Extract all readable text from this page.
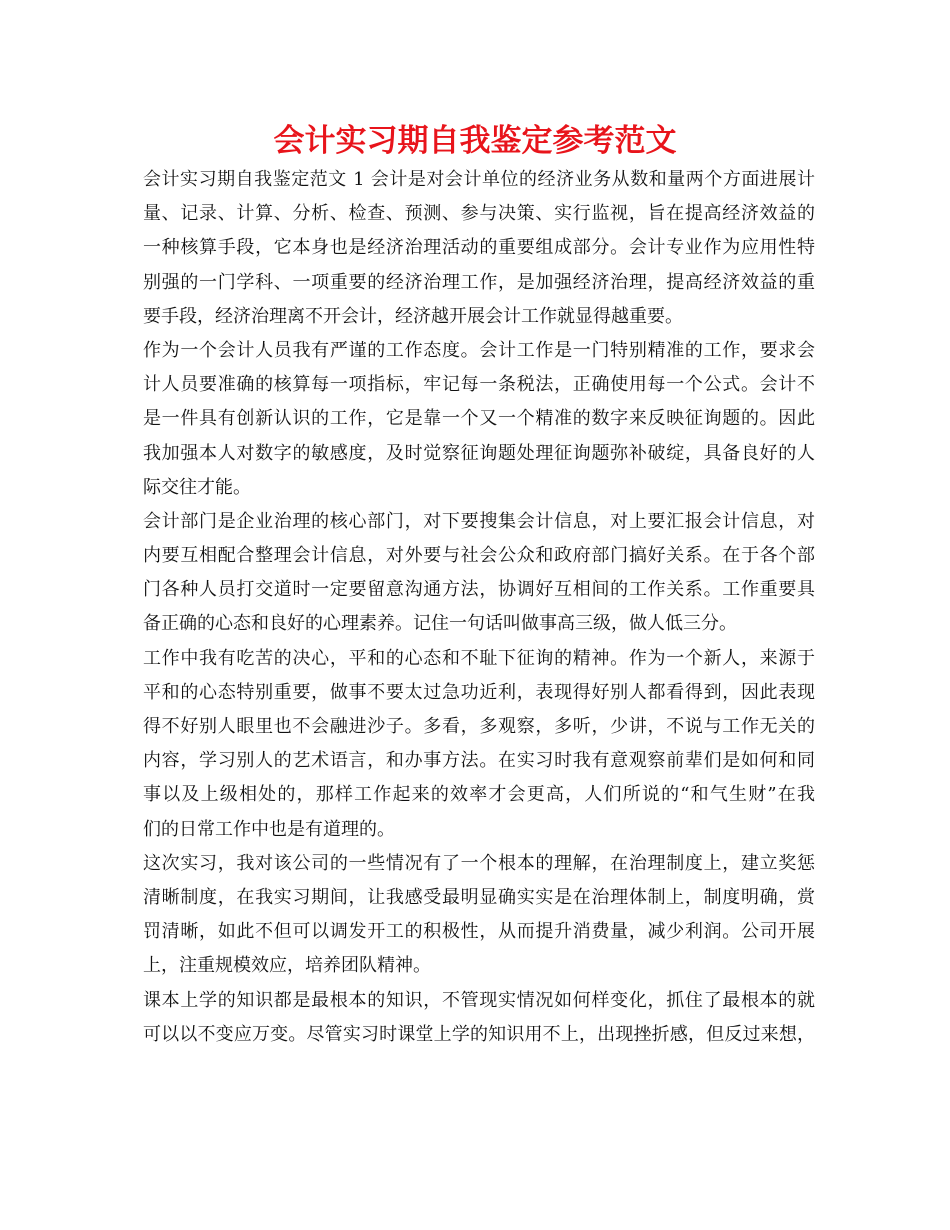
会计实习期自我鉴定参考范文
会计实习期自我鉴定范文 1 会计是对会计单位的经济业务从数和量两个方面进展计
量、记录、计算、分析、检查、预测、参与决策、实行监视，旨在提高经济效益的
一种核算手段，它本身也是经济治理活动的重要组成部分。会计专业作为应用性特
别强的一门学科、一项重要的经济治理工作，是加强经济治理，提高经济效益的重
要手段，经济治理离不开会计，经济越开展会计工作就显得越重要。
作为一个会计人员我有严谨的工作态度。会计工作是一门特别精准的工作，要求会
计人员要准确的核算每一项指标，牢记每一条税法，正确使用每一个公式。会计不
是一件具有创新认识的工作，它是靠一个又一个精准的数字来反映征询题的。因此
我加强本人对数字的敏感度，及时觉察征询题处理征询题弥补破绽，具备良好的人
际交往才能。
会计部门是企业治理的核心部门，对下要搜集会计信息，对上要汇报会计信息，对
内要互相配合整理会计信息，对外要与社会公众和政府部门搞好关系。在于各个部
门各种人员打交道时一定要留意沟通方法，协调好互相间的工作关系。工作重要具
备正确的心态和良好的心理素养。记住一句话叫做事高三级，做人低三分。
工作中我有吃苦的决心，平和的心态和不耻下征询的精神。作为一个新人，来源于
平和的心态特别重要，做事不要太过急功近利，表现得好别人都看得到，因此表现
得不好别人眼里也不会融进沙子。多看，多观察，多听，少讲，不说与工作无关的
内容，学习别人的艺术语言，和办事方法。在实习时我有意观察前辈们是如何和同
事以及上级相处的，那样工作起来的效率才会更高，人们所说的“和气生财”在我
们的日常工作中也是有道理的。
这次实习，我对该公司的一些情况有了一个根本的理解，在治理制度上，建立奖惩
清晰制度，在我实习期间，让我感受最明显确实实是在治理体制上，制度明确，赏
罚清晰，如此不但可以调发开工的积极性，从而提升消费量，减少利润。公司开展
上，注重规模效应，培养团队精神。
课本上学的知识都是最根本的知识，不管现实情况如何样变化，抓住了最根本的就
可以以不变应万变。尽管实习时课堂上学的知识用不上，出现挫折感，但反过来想，
